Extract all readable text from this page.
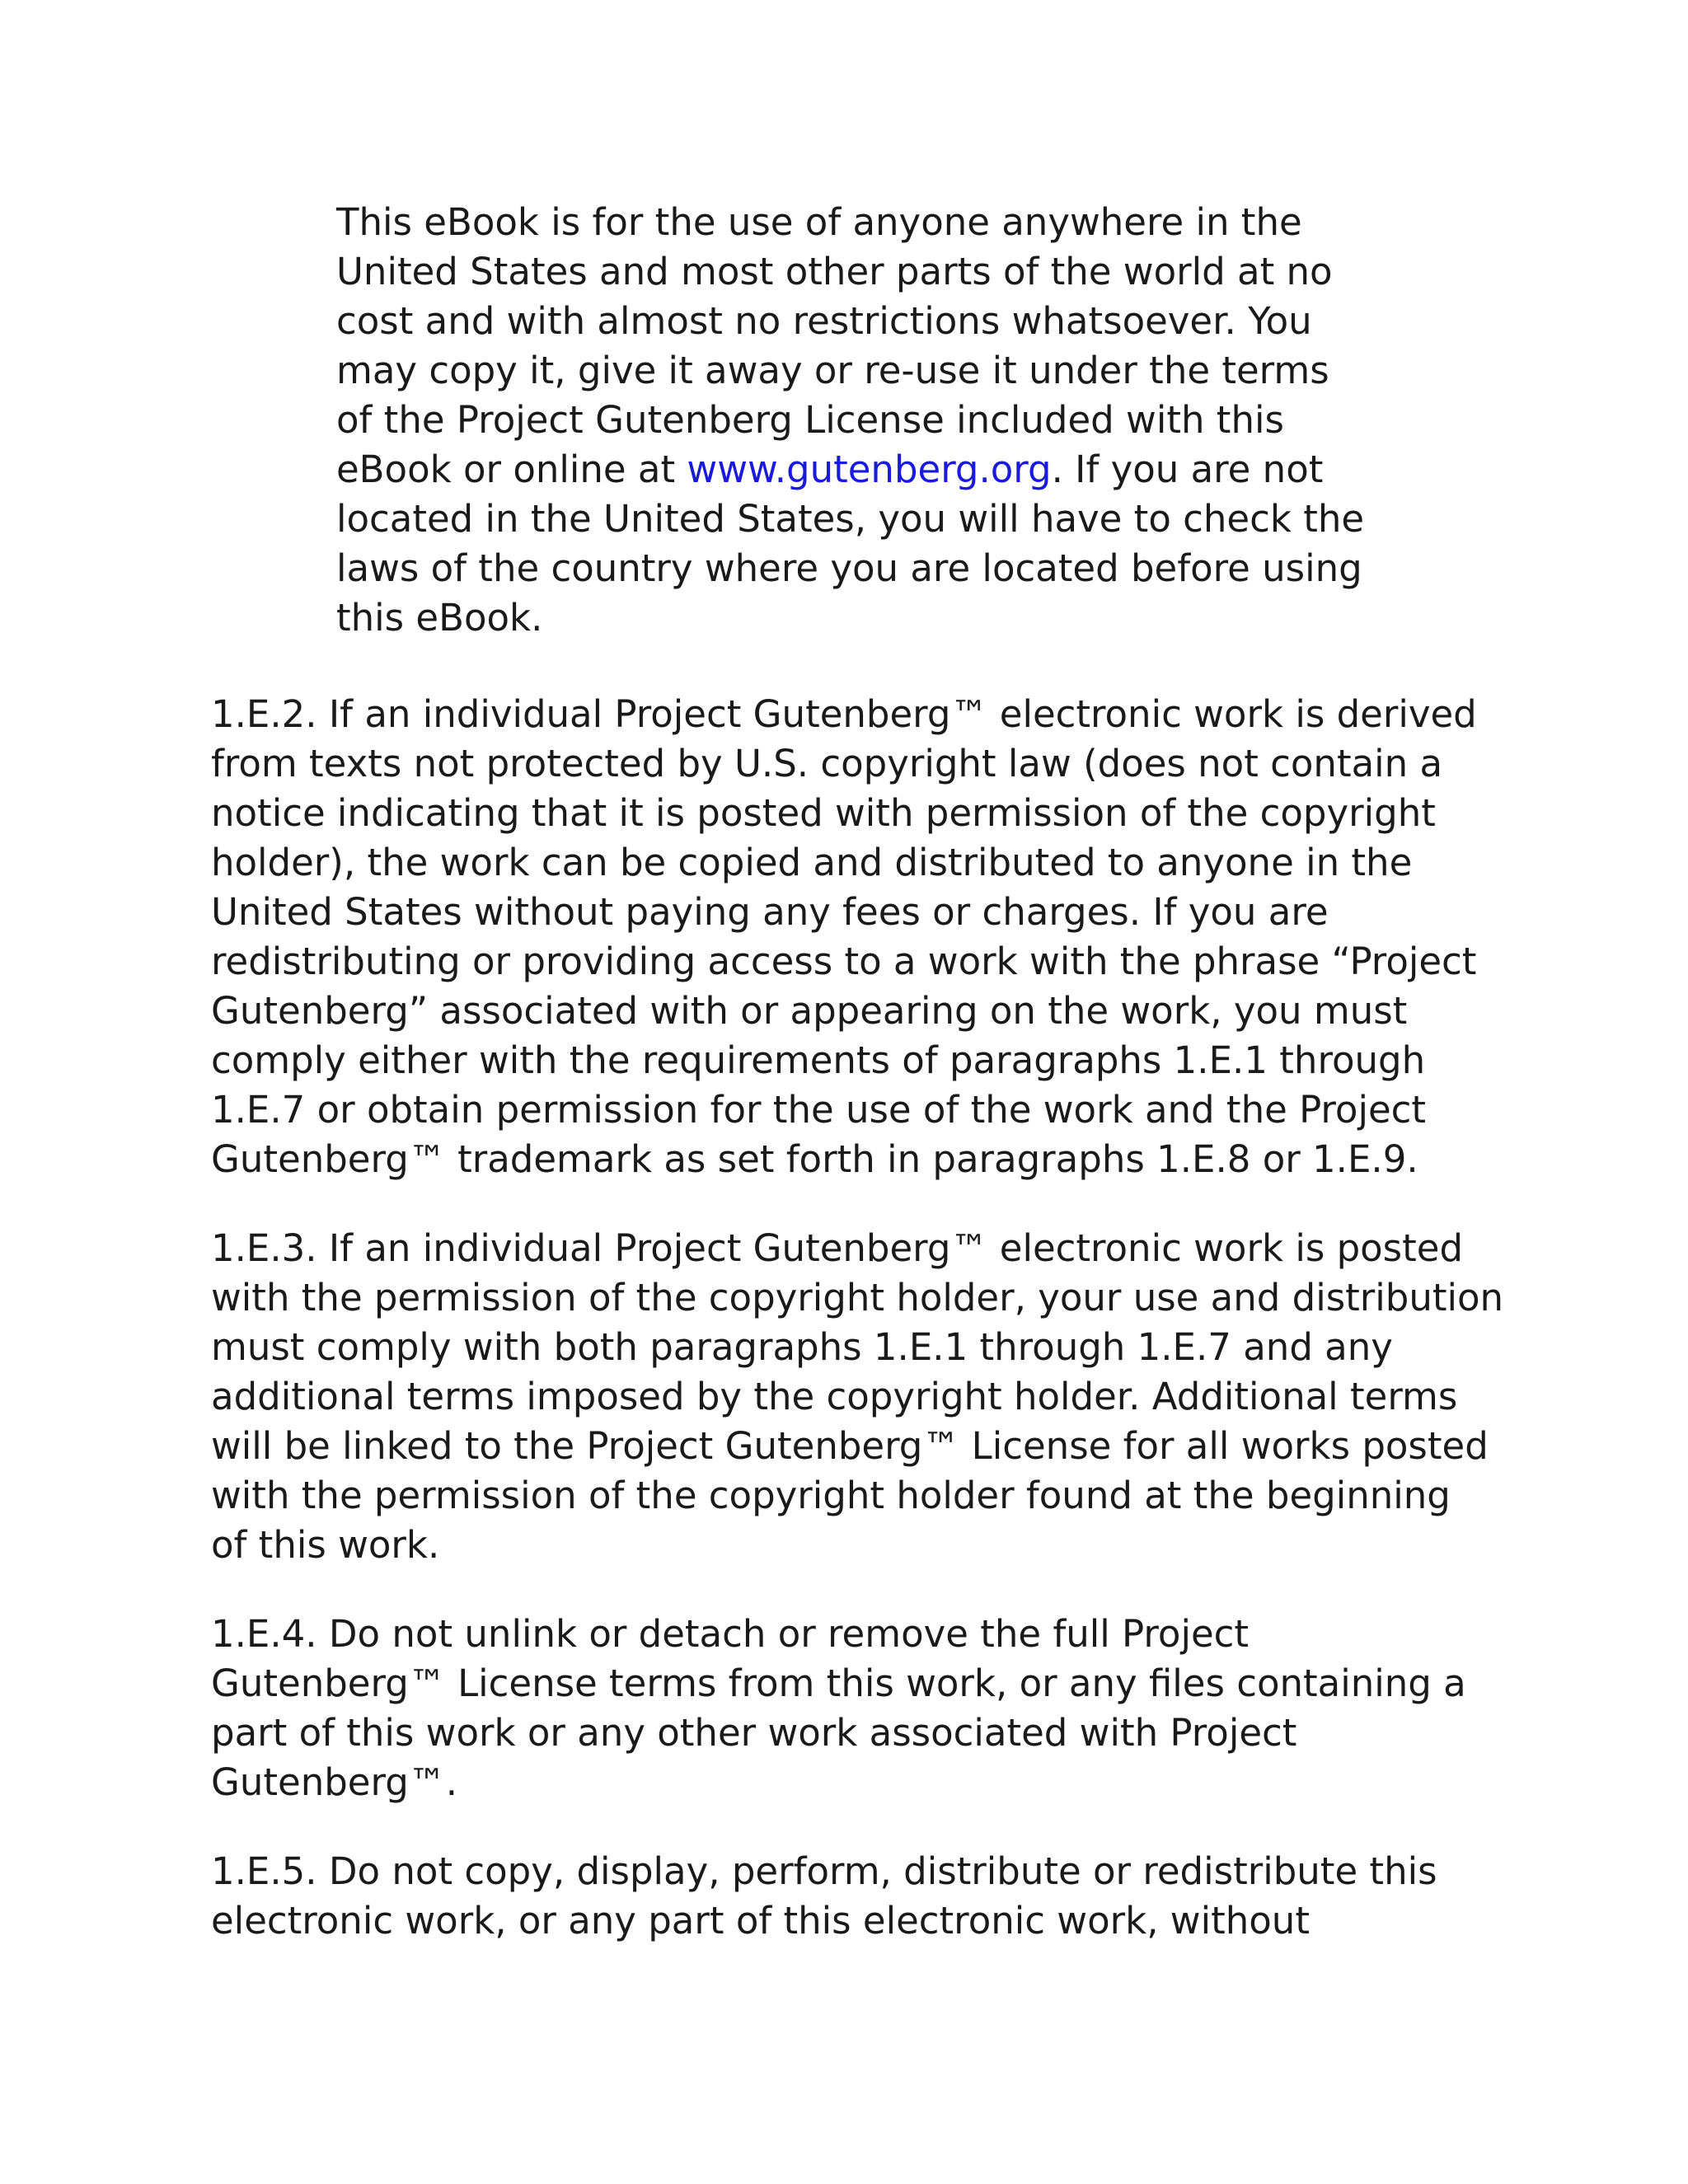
This eBook is for the use of anyone anywhere in the
United States and most other parts of the world at no
cost and with almost no restrictions whatsoever. You
may copy it, give it away or re-use it under the terms
of the Project Gutenberg License included with this
eBook or online at www.gutenberg.org. If you are not
located in the United States, you will have to check the
laws of the country where you are located before using
this eBook.
1.E.2. If an individual Project Gutenberg™ electronic work is derived
from texts not protected by U.S. copyright law (does not contain a
notice indicating that it is posted with permission of the copyright
holder), the work can be copied and distributed to anyone in the
United States without paying any fees or charges. If you are
redistributing or providing access to a work with the phrase “Project
Gutenberg” associated with or appearing on the work, you must
comply either with the requirements of paragraphs 1.E.1 through
1.E.7 or obtain permission for the use of the work and the Project
Gutenberg™ trademark as set forth in paragraphs 1.E.8 or 1.E.9.
1.E.3. If an individual Project Gutenberg™ electronic work is posted
with the permission of the copyright holder, your use and distribution
must comply with both paragraphs 1.E.1 through 1.E.7 and any
additional terms imposed by the copyright holder. Additional terms
will be linked to the Project Gutenberg™ License for all works posted
with the permission of the copyright holder found at the beginning
of this work.
1.E.4. Do not unlink or detach or remove the full Project
Gutenberg™ License terms from this work, or any files containing a
part of this work or any other work associated with Project
Gutenberg™.
1.E.5. Do not copy, display, perform, distribute or redistribute this
electronic work, or any part of this electronic work, without
